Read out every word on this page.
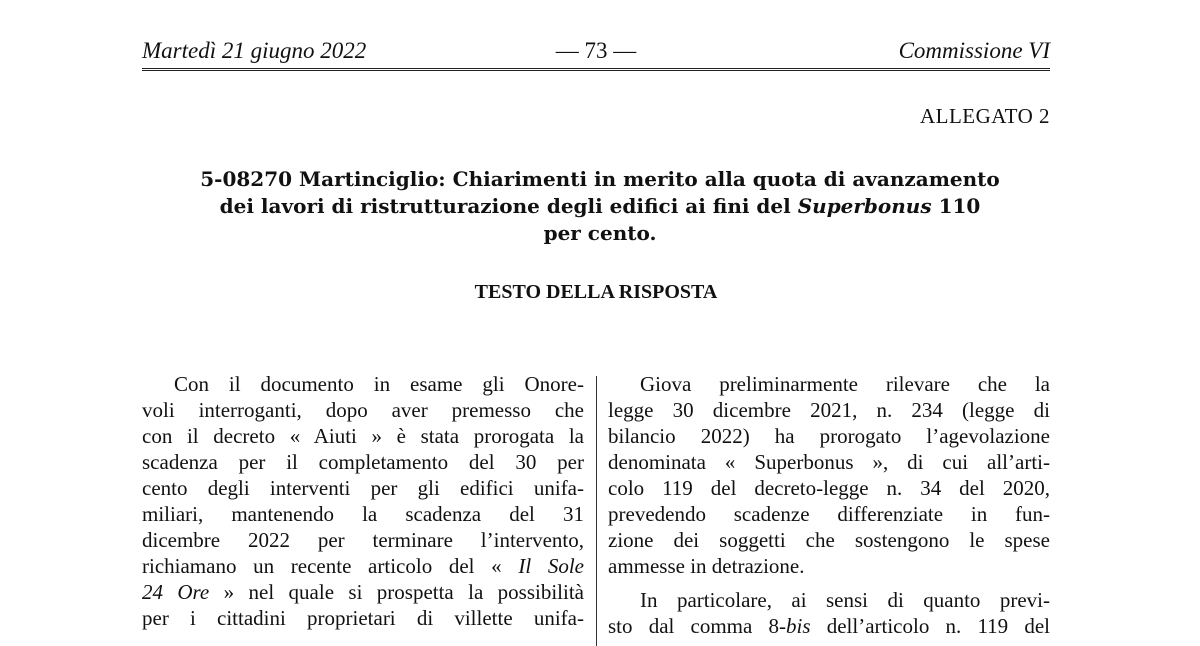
Martedì 21 giugno 2022	— 73 —	Commissione VI
ALLEGATO 2
5-08270 Martinciglio: Chiarimenti in merito alla quota di avanzamento
dei lavori di ristrutturazione degli edifici ai fini del Superbonus 110
per cento.
TESTO DELLA RISPOSTA
Con il documento in esame gli Onore-
voli interroganti, dopo aver premesso che
con il decreto « Aiuti » è stata prorogata la
scadenza per il completamento del 30 per
cento degli interventi per gli edifici unifa-
miliari, mantenendo la scadenza del 31
dicembre 2022 per terminare l’intervento,
richiamano un recente articolo del « Il Sole
24 Ore » nel quale si prospetta la possibilità
per i cittadini proprietari di villette unifa-
Giova preliminarmente rilevare che la
legge 30 dicembre 2021, n. 234 (legge di
bilancio 2022) ha prorogato l’agevolazione
denominata « Superbonus », di cui all’arti-
colo 119 del decreto-legge n. 34 del 2020,
prevedendo scadenze differenziate in fun-
zione dei soggetti che sostengono le spese
ammesse in detrazione.
In particolare, ai sensi di quanto previ-
sto dal comma 8-bis dell’articolo n. 119 del
